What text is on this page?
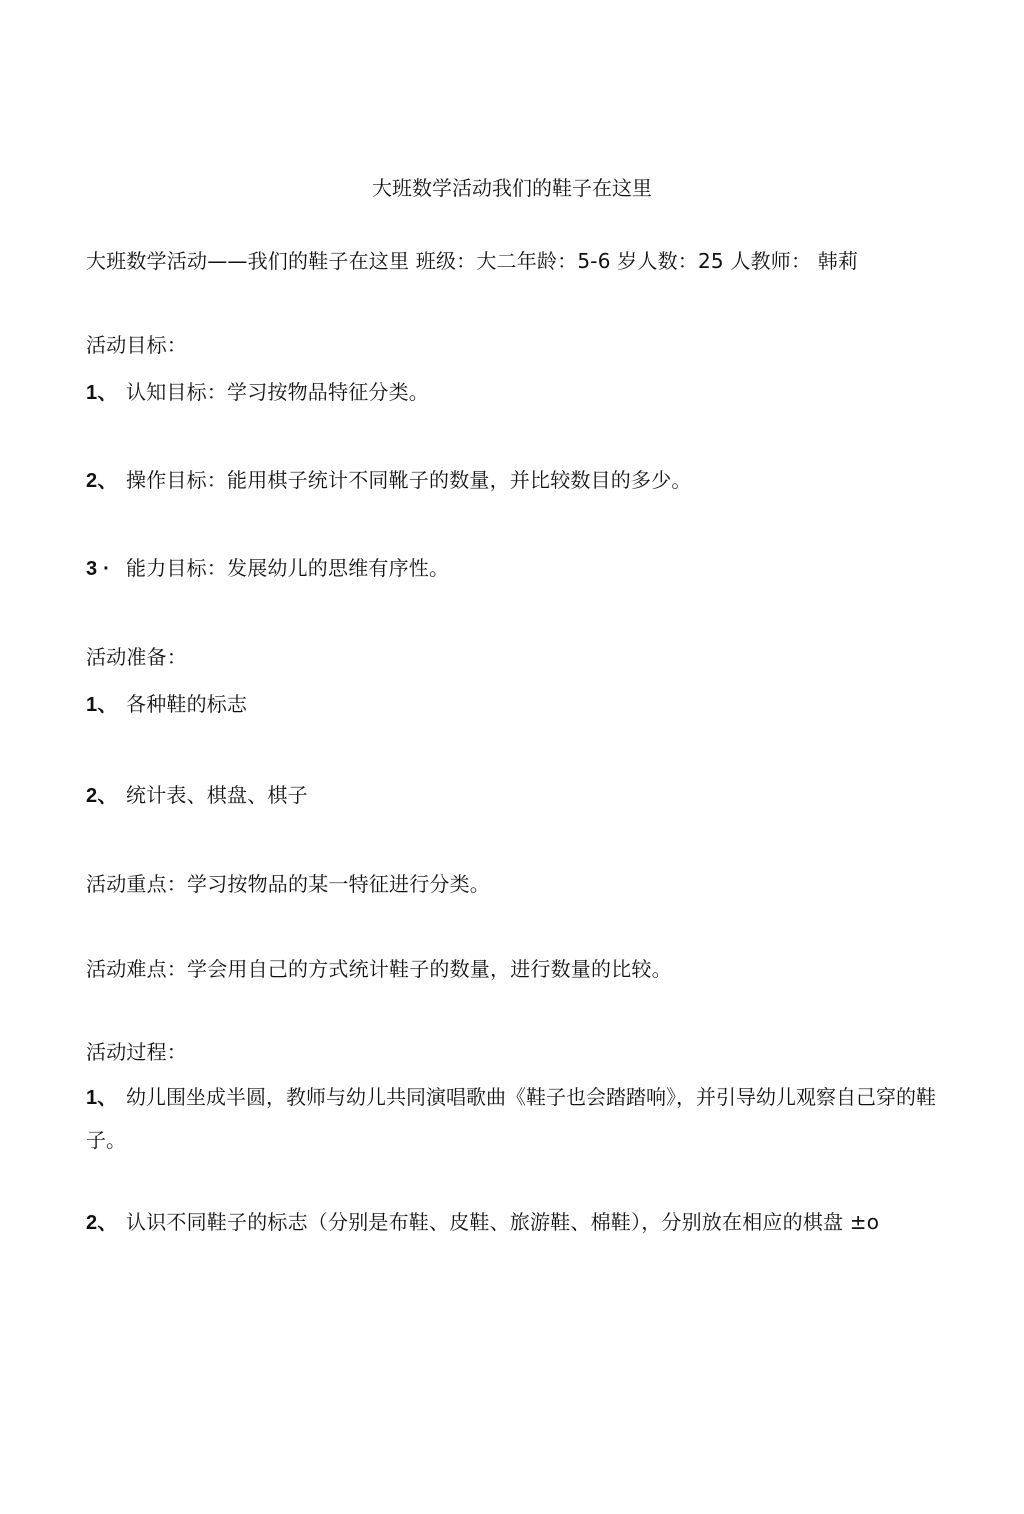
大班数学活动我们的鞋子在这里
大班数学活动——我们的鞋子在这里 班级：大二年龄：5-6 岁人数：25 人教师： 韩莉
活动目标：
1、 认知目标：学习按物品特征分类。
2、 操作目标：能用棋子统计不同靴子的数量，并比较数目的多少。
3 · 能力目标：发展幼儿的思维有序性。
活动准备：
1、 各种鞋的标志
2、 统计表、棋盘、棋子
活动重点：学习按物品的某一特征进行分类。
活动难点：学会用自己的方式统计鞋子的数量，进行数量的比较。
活动过程：
1、 幼儿围坐成半圆，教师与幼儿共同演唱歌曲《鞋子也会踏踏响》，并引导幼儿观察自己穿的鞋子。
2、 认识不同鞋子的标志（分别是布鞋、皮鞋、旅游鞋、棉鞋），分别放在相应的棋盘 ±o
